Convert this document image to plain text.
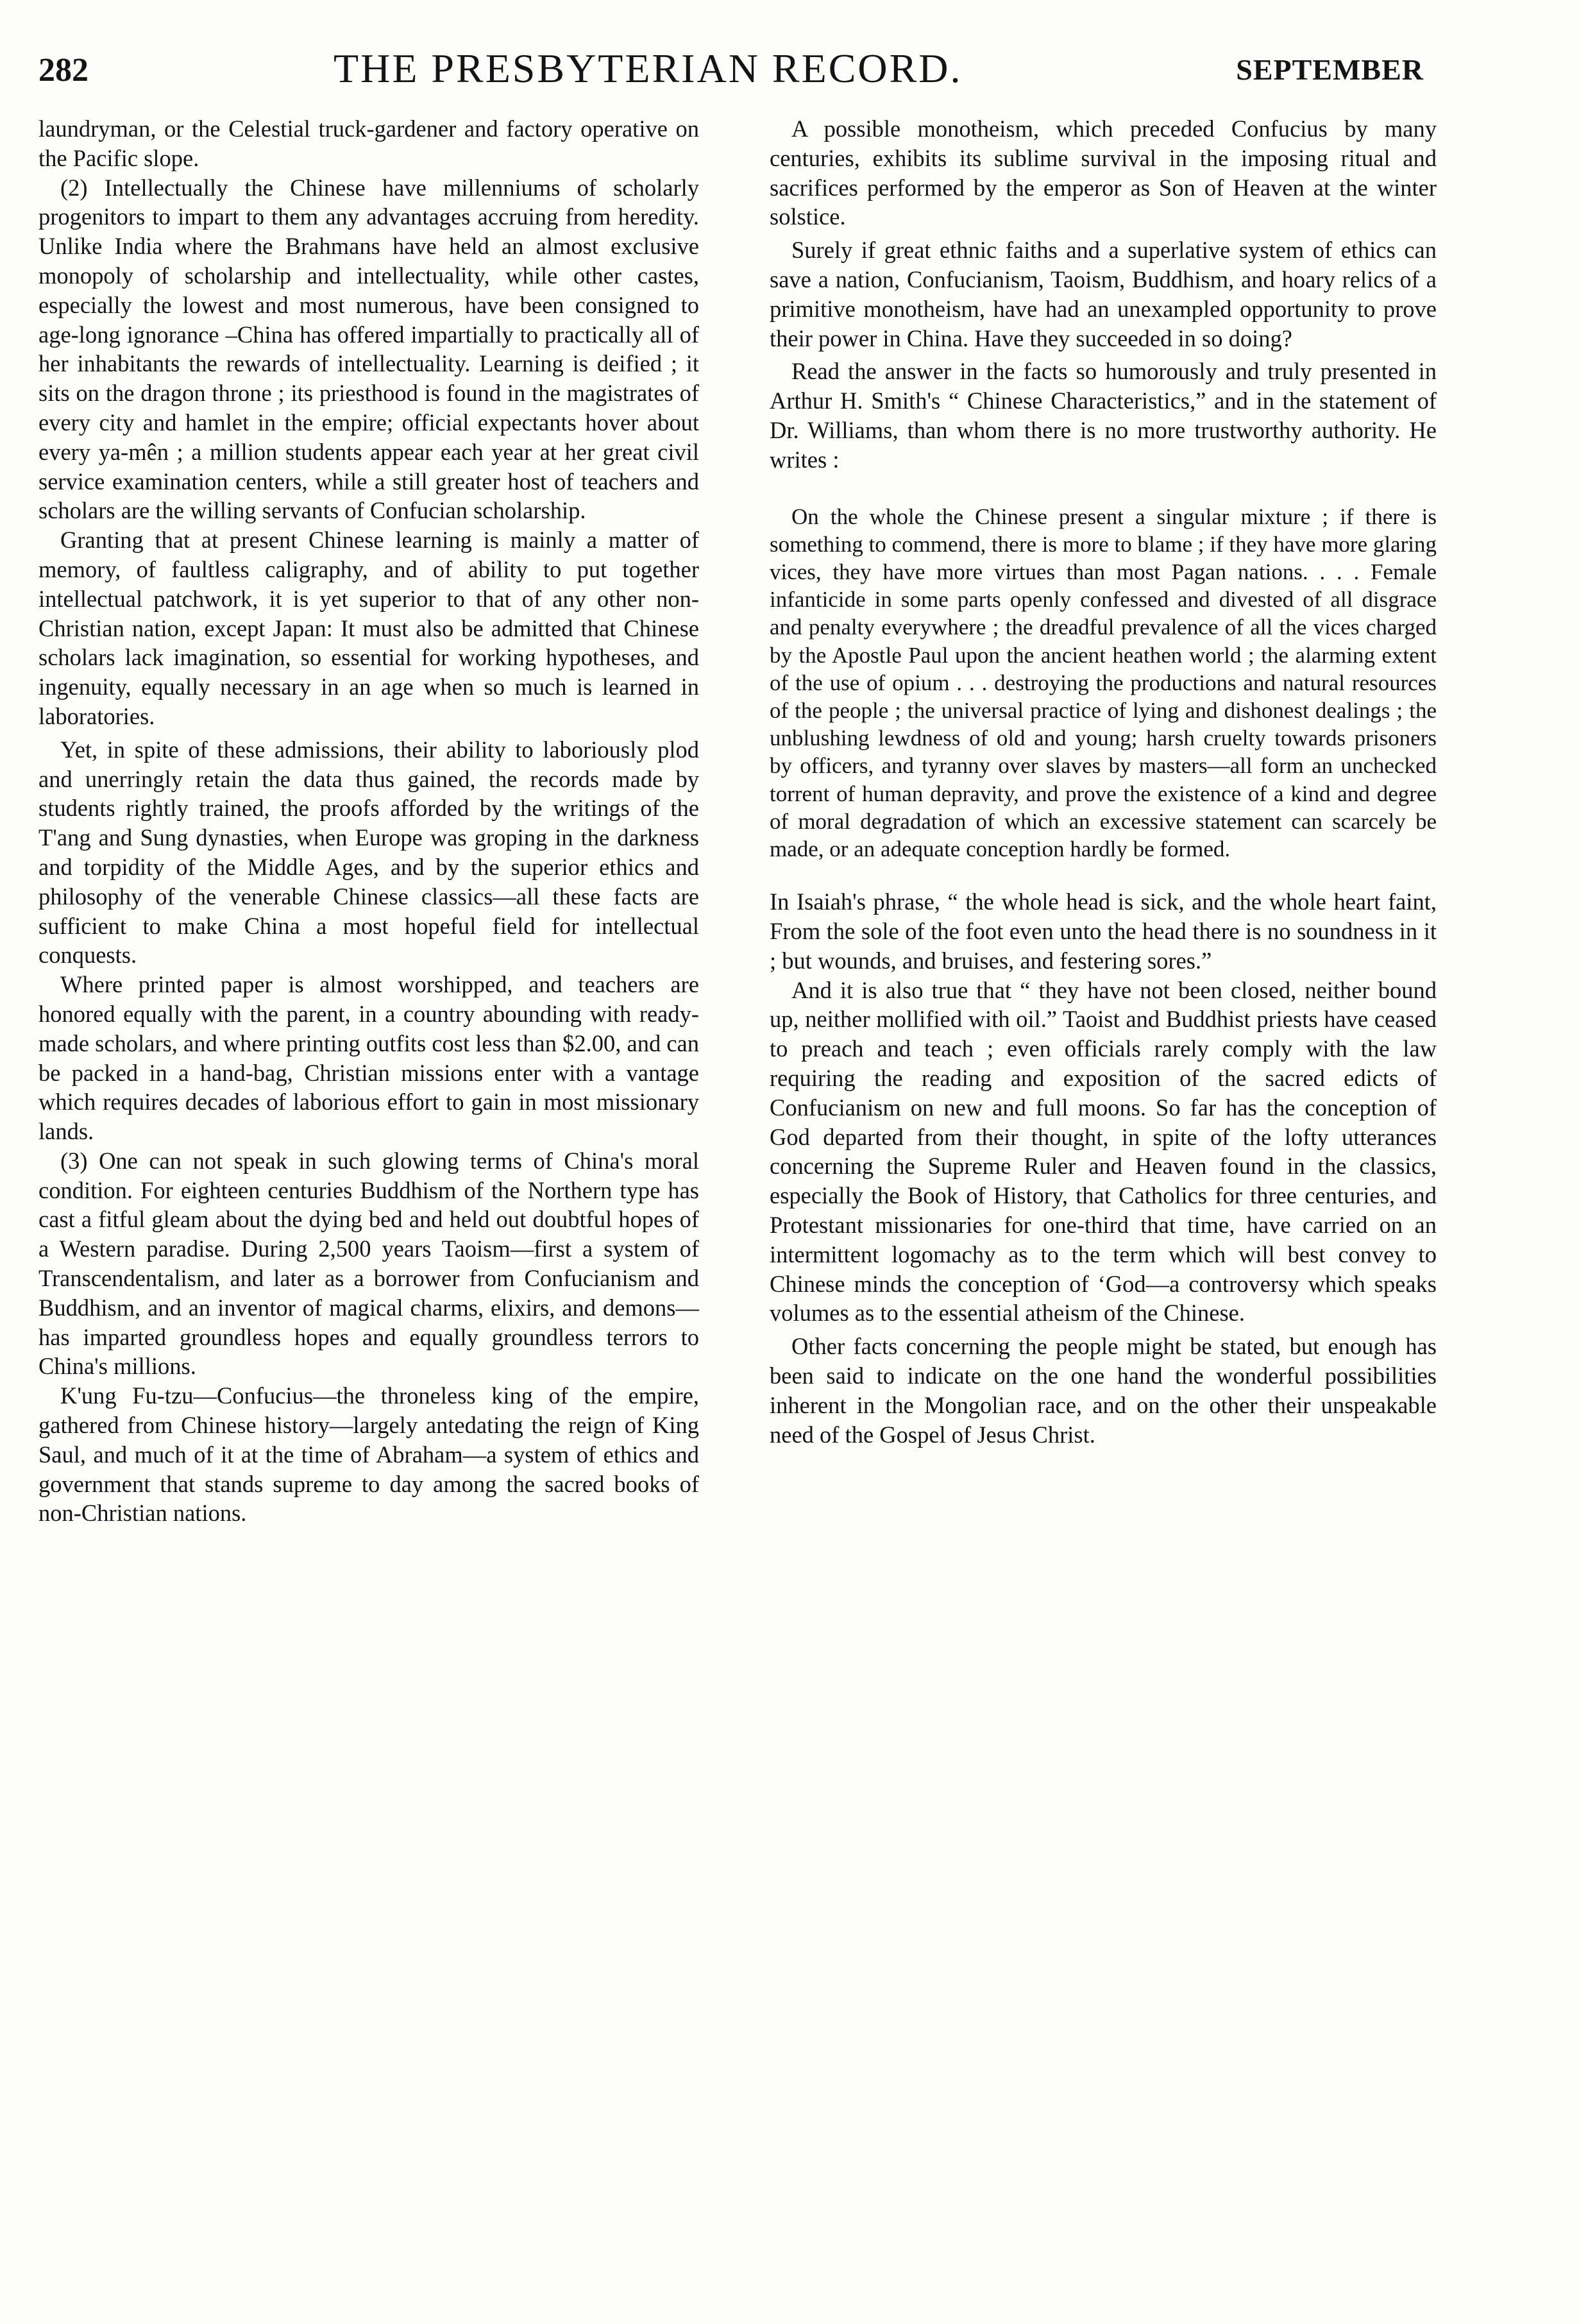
282	THE PRESBYTERIAN RECORD.	SEPTEMBER

laundryman, or the Celestial truck-gardener and factory operative on the Pacific slope.

(2) Intellectually the Chinese have millenniums of scholarly progenitors to impart to them any advantages accruing from heredity. Unlike India where the Brahmans have held an almost exclusive monopoly of scholarship and intellectuality, while other castes, especially the lowest and most numerous, have been consigned to age-long ignorance –China has offered impartially to practically all of her inhabitants the rewards of intellectuality. Learning is deified ; it sits on the dragon throne ; its priesthood is found in the magistrates of every city and hamlet in the empire; official expectants hover about every ya-mên ; a million students appear each year at her great civil service examination centers, while a still greater host of teachers and scholars are the willing servants of Confucian scholarship.

Granting that at present Chinese learning is mainly a matter of memory, of faultless caligraphy, and of ability to put together intellectual patchwork, it is yet superior to that of any other non-Christian nation, except Japan: It must also be admitted that Chinese scholars lack imagination, so essential for working hypotheses, and ingenuity, equally necessary in an age when so much is learned in laboratories.

Yet, in spite of these admissions, their ability to laboriously plod and unerringly retain the data thus gained, the records made by students rightly trained, the proofs afforded by the writings of the T'ang and Sung dynasties, when Europe was groping in the darkness and torpidity of the Middle Ages, and by the superior ethics and philosophy of the venerable Chinese classics—all these facts are sufficient to make China a most hopeful field for intellectual conquests.

Where printed paper is almost worshipped, and teachers are honored equally with the parent, in a country abounding with ready-made scholars, and where printing outfits cost less than $2.00, and can be packed in a hand-bag, Christian missions enter with a vantage which requires decades of laborious effort to gain in most missionary lands.

(3) One can not speak in such glowing terms of China's moral condition. For eighteen centuries Buddhism of the Northern type has cast a fitful gleam about the dying bed and held out doubtful hopes of a Western paradise. During 2,500 years Taoism—first a system of Transcendentalism, and later as a borrower from Confucianism and Buddhism, and an inventor of magical charms, elixirs, and demons—has imparted groundless hopes and equally groundless terrors to China's millions.

K'ung Fu-tzu—Confucius—the throneless king of the empire, gathered from Chinese history—largely antedating the reign of King Saul, and much of it at the time of Abraham—a system of ethics and government that stands supreme to day among the sacred books of non-Christian nations.

A possible monotheism, which preceded Confucius by many centuries, exhibits its sublime survival in the imposing ritual and sacrifices performed by the emperor as Son of Heaven at the winter solstice.

Surely if great ethnic faiths and a superlative system of ethics can save a nation, Confucianism, Taoism, Buddhism, and hoary relics of a primitive monotheism, have had an unexampled opportunity to prove their power in China. Have they succeeded in so doing?

Read the answer in the facts so humorously and truly presented in Arthur H. Smith's “ Chinese Characteristics,” and in the statement of Dr. Williams, than whom there is no more trustworthy authority. He writes :

On the whole the Chinese present a singular mixture ; if there is something to commend, there is more to blame ; if they have more glaring vices, they have more virtues than most Pagan nations. . . . Female infanticide in some parts openly confessed and divested of all disgrace and penalty everywhere ; the dreadful prevalence of all the vices charged by the Apostle Paul upon the ancient heathen world ; the alarming extent of the use of opium . . . destroying the productions and natural resources of the people ; the universal practice of lying and dishonest dealings ; the unblushing lewdness of old and young; harsh cruelty towards prisoners by officers, and tyranny over slaves by masters—all form an unchecked torrent of human depravity, and prove the existence of a kind and degree of moral degradation of which an excessive statement can scarcely be made, or an adequate conception hardly be formed.

In Isaiah's phrase, “ the whole head is sick, and the whole heart faint, From the sole of the foot even unto the head there is no soundness in it ; but wounds, and bruises, and festering sores.”

And it is also true that “ they have not been closed, neither bound up, neither mollified with oil.” Taoist and Buddhist priests have ceased to preach and teach ; even officials rarely comply with the law requiring the reading and exposition of the sacred edicts of Confucianism on new and full moons. So far has the conception of God departed from their thought, in spite of the lofty utterances concerning the Supreme Ruler and Heaven found in the classics, especially the Book of History, that Catholics for three centuries, and Protestant missionaries for one-third that time, have carried on an intermittent logomachy as to the term which will best convey to Chinese minds the conception of ‘God—a controversy which speaks volumes as to the essential atheism of the Chinese.

Other facts concerning the people might be stated, but enough has been said to indicate on the one hand the wonderful possibilities inherent in the Mongolian race, and on the other their unspeakable need of the Gospel of Jesus Christ.
